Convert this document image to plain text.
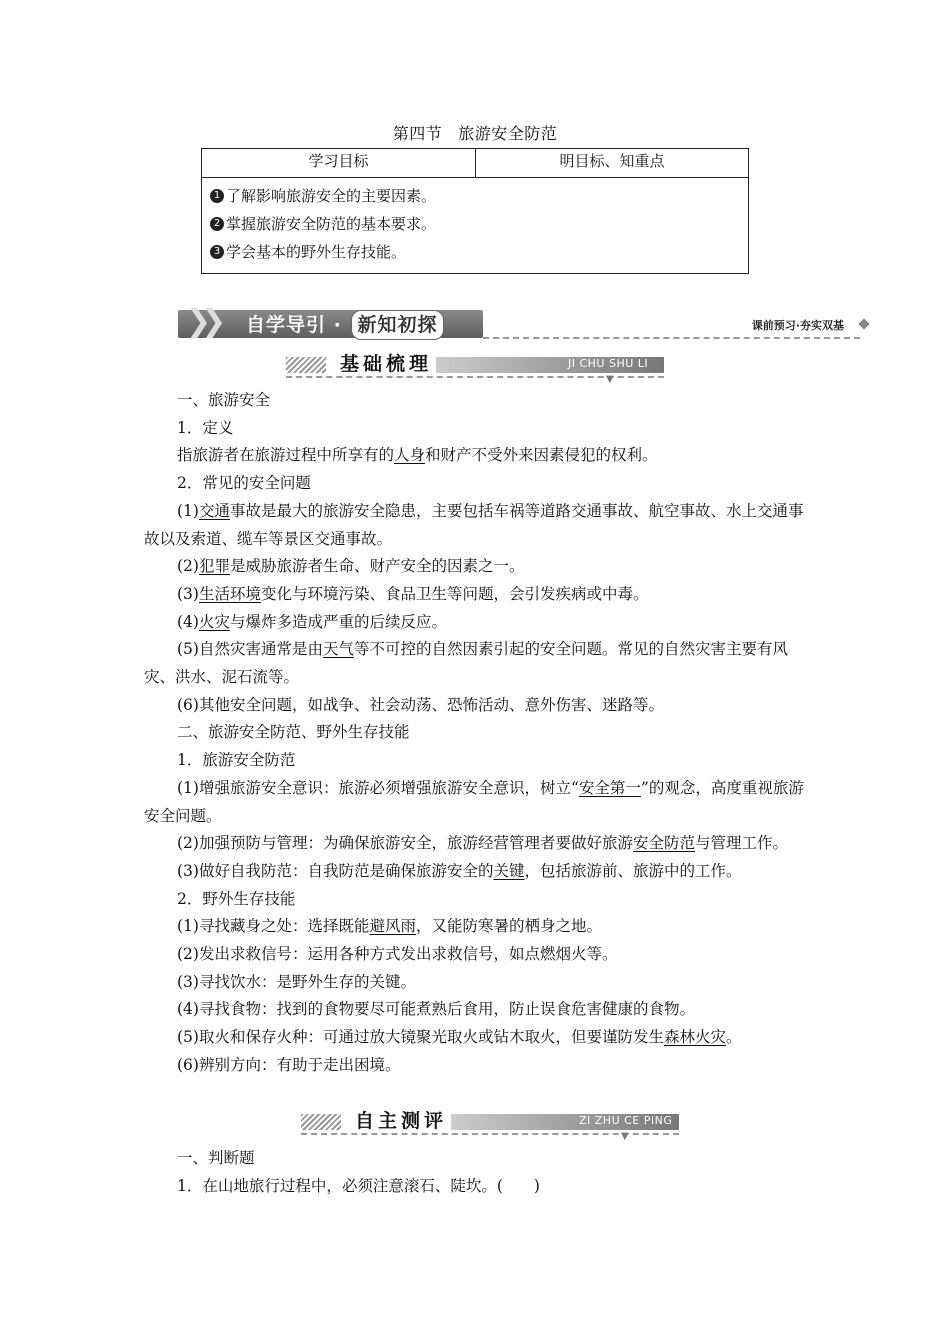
第四节 旅游安全防范
学习目标	明目标、知重点
1 了解影响旅游安全的主要因素。
2 掌握旅游安全防范的基本要求。
3 学会基本的野外生存技能。
❯❯ 自学导引 · 新知初探	课前预习·夯实双基
基础梳理	JI CHU SHU LI
▼

一、旅游安全

1．定义

指旅游者在旅游过程中所享有的人身和财产不受外来因素侵犯的权利。

2．常见的安全问题

(1)交通事故是最大的旅游安全隐患，主要包括车祸等道路交通事故、航空事故、水上交通事故以及索道、缆车等景区交通事故。

(2)犯罪是威胁旅游者生命、财产安全的因素之一。

(3)生活环境变化与环境污染、食品卫生等问题，会引发疾病或中毒。

(4)火灾与爆炸多造成严重的后续反应。

(5)自然灾害通常是由天气等不可控的自然因素引起的安全问题。常见的自然灾害主要有风灾、洪水、泥石流等。

(6)其他安全问题，如战争、社会动荡、恐怖活动、意外伤害、迷路等。

二、旅游安全防范、野外生存技能

1．旅游安全防范

(1)增强旅游安全意识：旅游必须增强旅游安全意识，树立“安全第一”的观念，高度重视旅游安全问题。

(2)加强预防与管理：为确保旅游安全，旅游经营管理者要做好旅游安全防范与管理工作。

(3)做好自我防范：自我防范是确保旅游安全的关键，包括旅游前、旅游中的工作。

2．野外生存技能

(1)寻找藏身之处：选择既能避风雨，又能防寒暑的栖身之地。

(2)发出求救信号：运用各种方式发出求救信号，如点燃烟火等。

(3)寻找饮水：是野外生存的关键。

(4)寻找食物：找到的食物要尽可能煮熟后食用，防止误食危害健康的食物。

(5)取火和保存火种：可通过放大镜聚光取火或钻木取火，但要谨防发生森林火灾。

(6)辨别方向：有助于走出困境。

自主测评	ZI ZHU CE PING
▼

一、判断题

1．在山地旅行过程中，必须注意滚石、陡坎。(　　)
